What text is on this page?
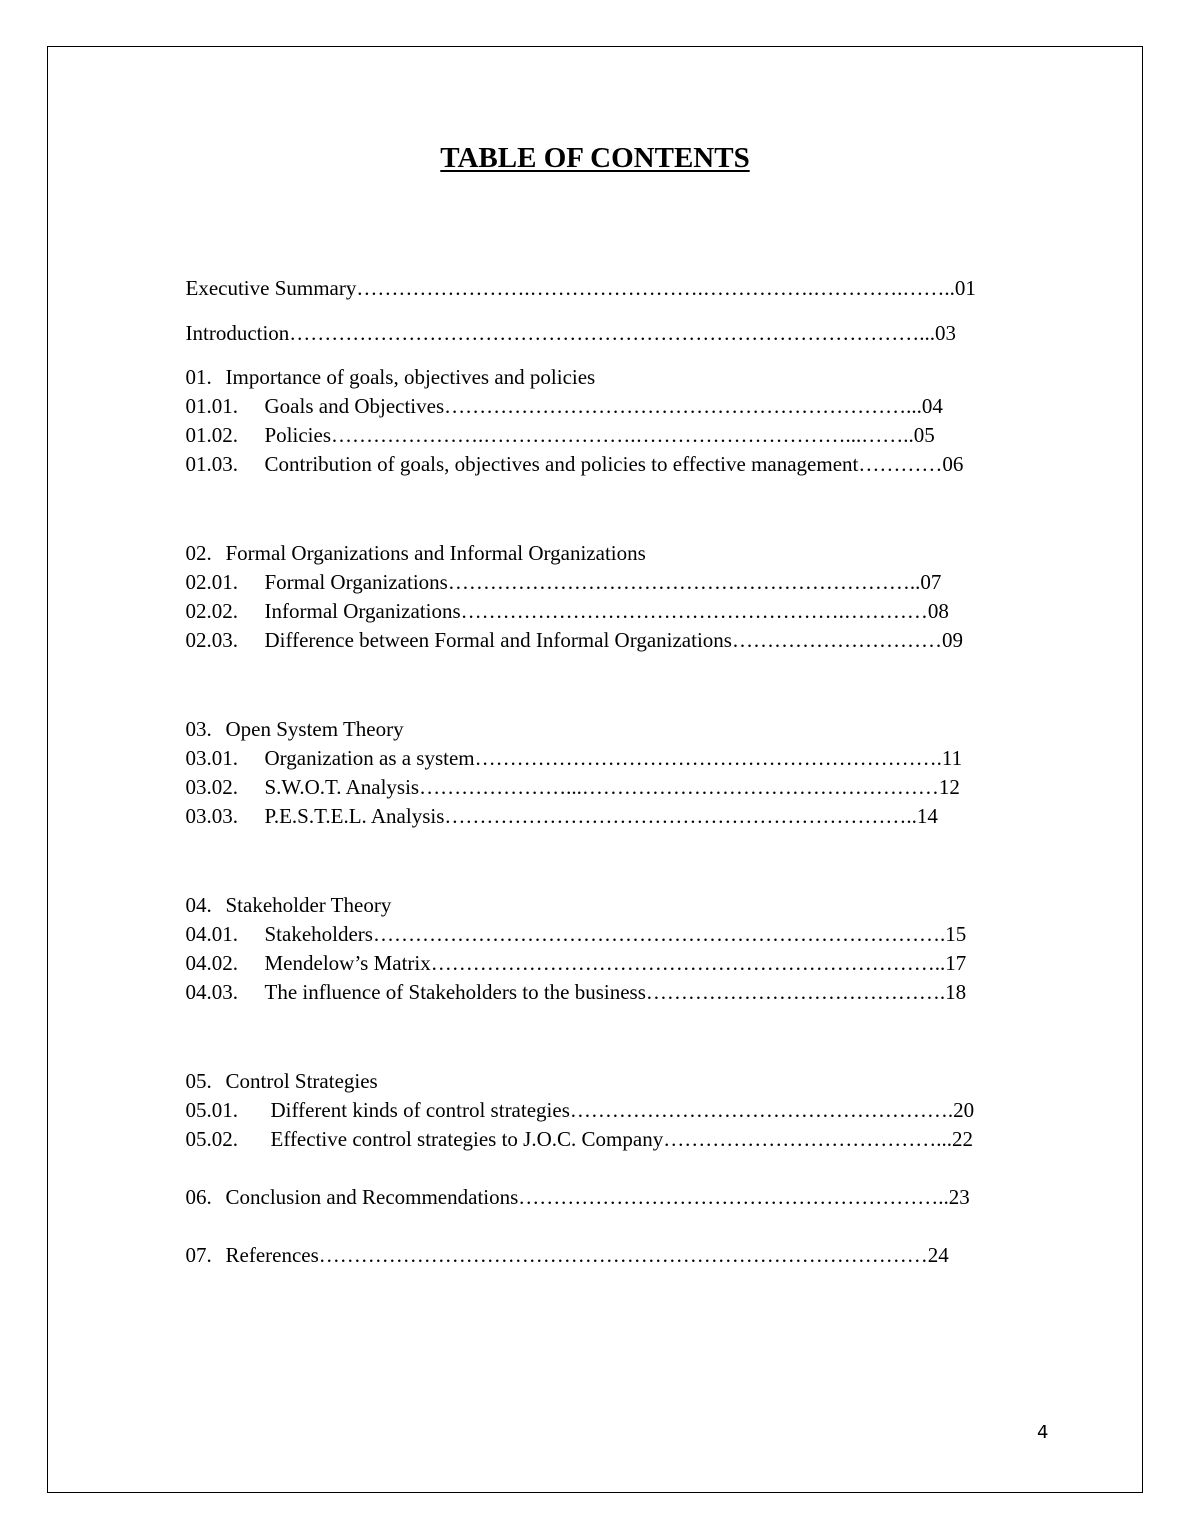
TABLE OF CONTENTS

Executive Summary…………………….…………………….…………….………….……..01

Introduction………………………………………………………………………………...03

01. Importance of goals, objectives and policies

01.01. Goals and Objectives…………………………………………………………...04

01.02. Policies………………….………………….…………………………...……..05

01.03. Contribution of goals, objectives and policies to effective management…………06

02. Formal Organizations and Informal Organizations

02.01. Formal Organizations…………………………………………………………..07

02.02. Informal Organizations……………………………………………….…………08

02.03. Difference between Formal and Informal Organizations…………………………09

03. Open System Theory

03.01. Organization as a system………………………………………………………….11

03.02. S.W.O.T. Analysis…………………...……………………………………………12

03.03. P.E.S.T.E.L. Analysis…………………………………………………………..14

04. Stakeholder Theory

04.01. Stakeholders……………………………………………………………………….15

04.02. Mendelow’s Matrix………………………………………………………………..17

04.03. The influence of Stakeholders to the business…………………………………….18

05. Control Strategies

05.01. Different kinds of control strategies……………………………………………….20

05.02. Effective control strategies to J.O.C. Company…………………………………...22

06. Conclusion and Recommendations……………………………………………………..23

07. References……………………………………………………………………………24

4
